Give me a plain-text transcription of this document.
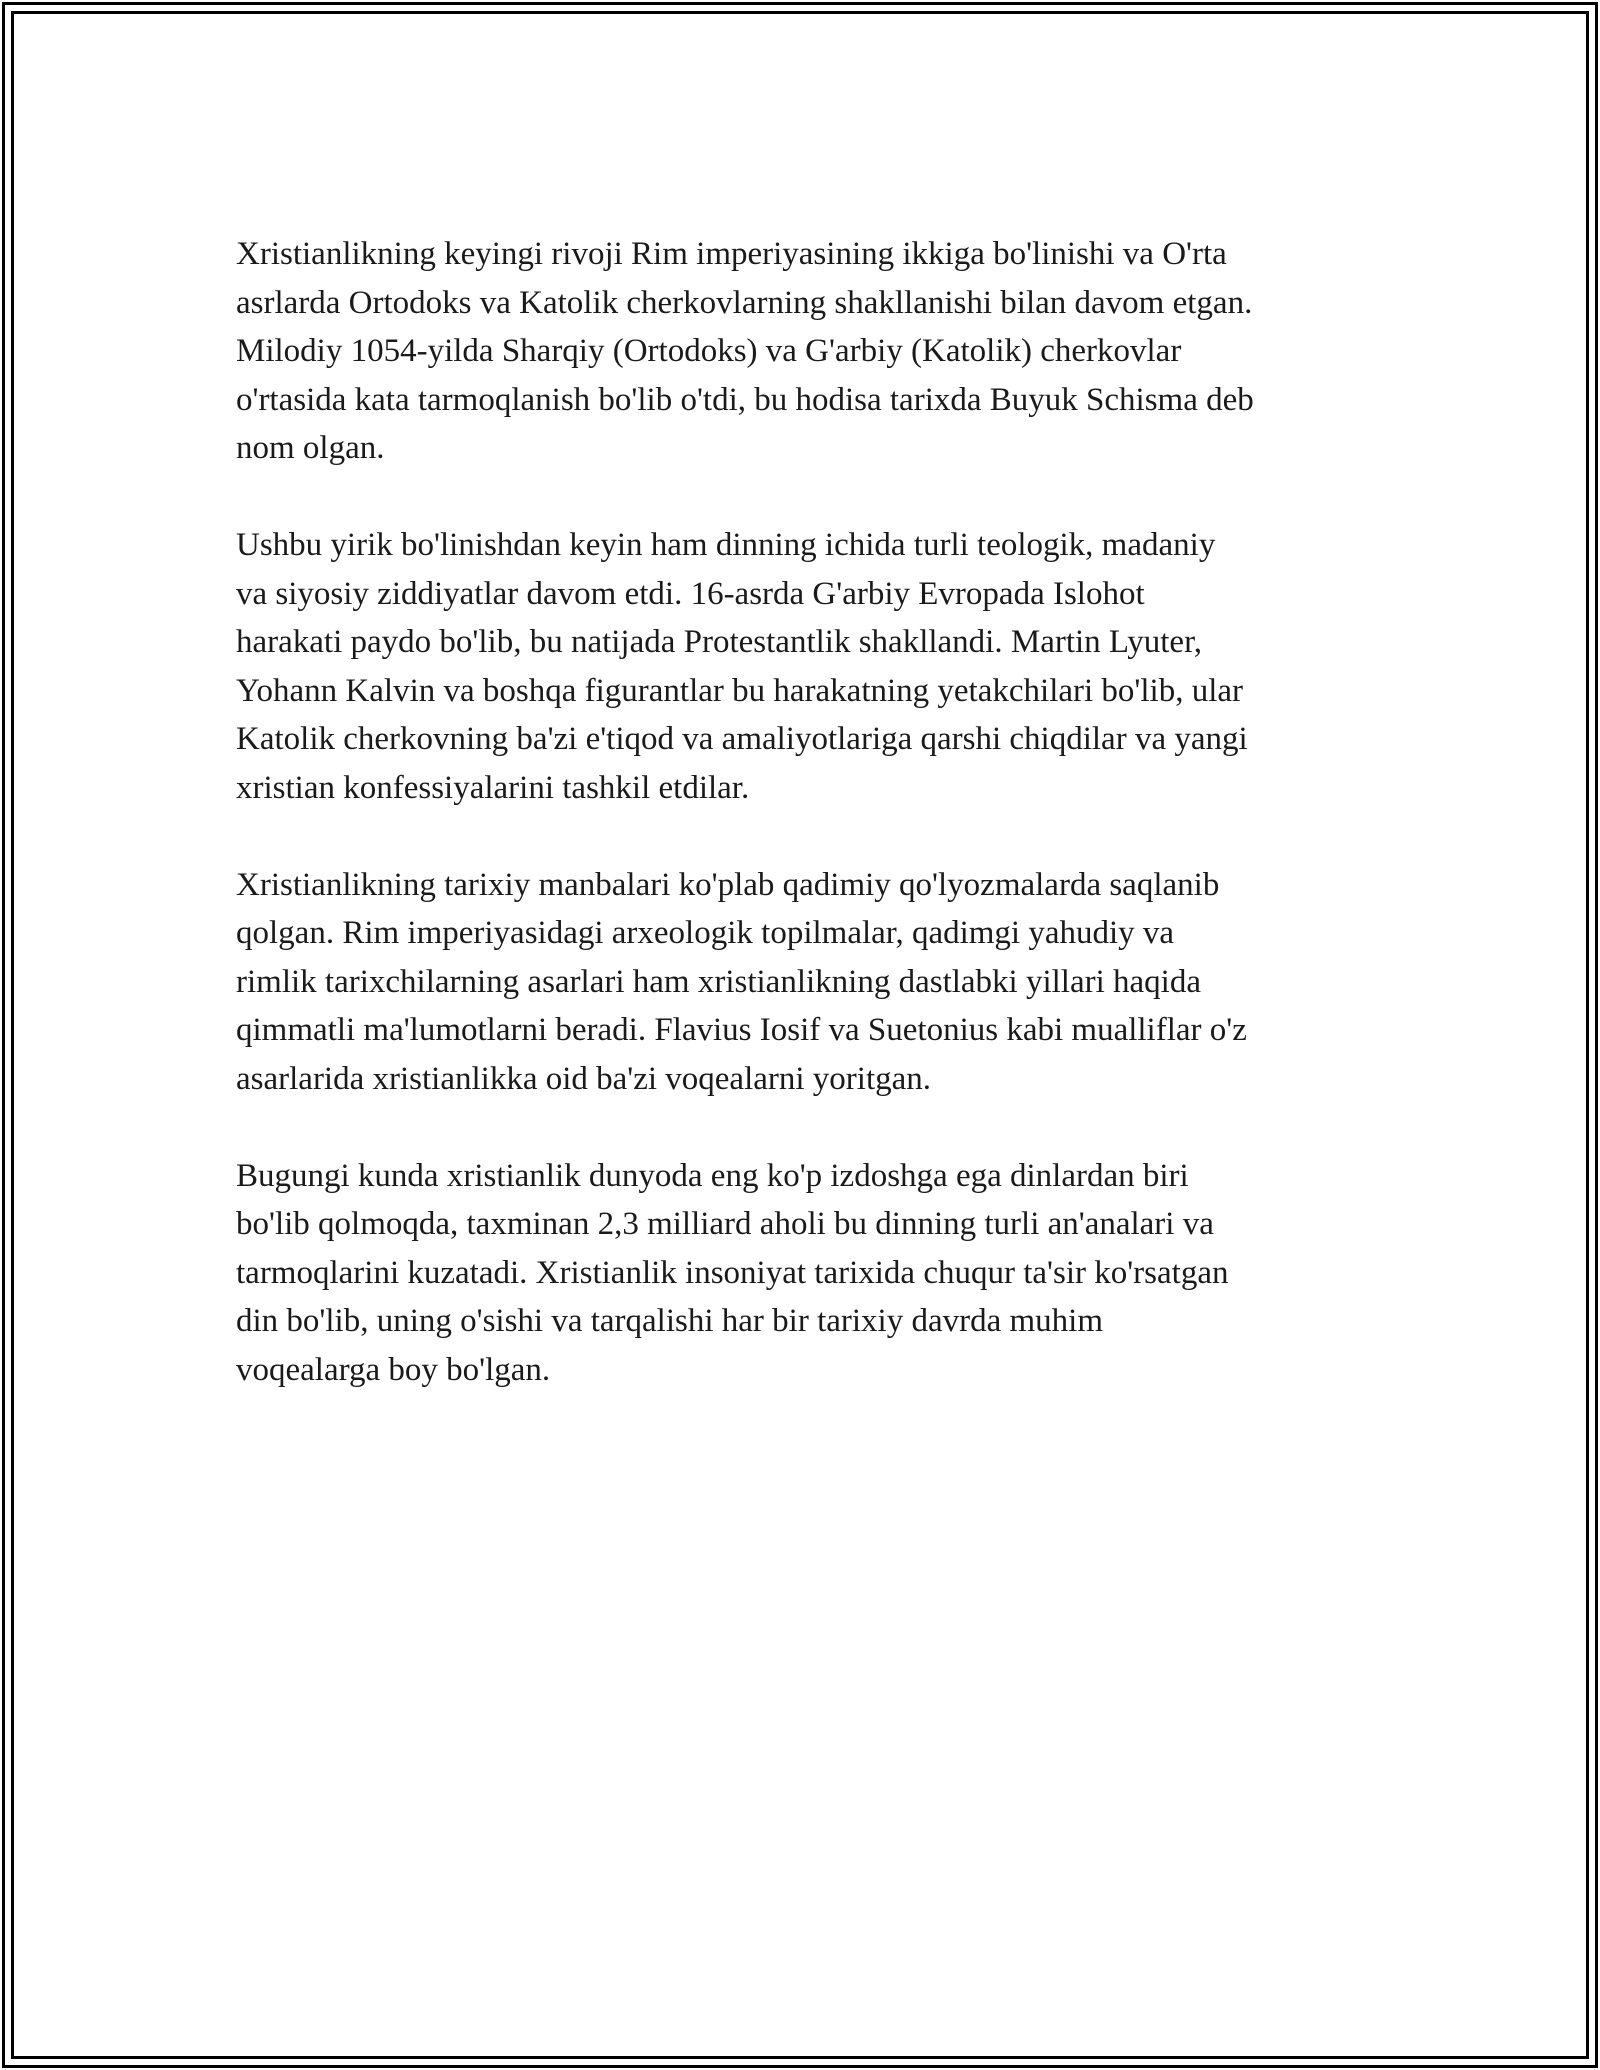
Xristianlikning keyingi rivoji Rim imperiyasining ikkiga bo'linishi va O'rta
asrlarda Ortodoks va Katolik cherkovlarning shakllanishi bilan davom etgan.
Milodiy 1054-yilda Sharqiy (Ortodoks) va G'arbiy (Katolik) cherkovlar
o'rtasida kata tarmoqlanish bo'lib o'tdi, bu hodisa tarixda Buyuk Schisma deb
nom olgan.

Ushbu yirik bo'linishdan keyin ham dinning ichida turli teologik, madaniy
va siyosiy ziddiyatlar davom etdi. 16-asrda G'arbiy Evropada Islohot
harakati paydo bo'lib, bu natijada Protestantlik shakllandi. Martin Lyuter,
Yohann Kalvin va boshqa figurantlar bu harakatning yetakchilari bo'lib, ular
Katolik cherkovning ba'zi e'tiqod va amaliyotlariga qarshi chiqdilar va yangi
xristian konfessiyalarini tashkil etdilar.

Xristianlikning tarixiy manbalari ko'plab qadimiy qo'lyozmalarda saqlanib
qolgan. Rim imperiyasidagi arxeologik topilmalar, qadimgi yahudiy va
rimlik tarixchilarning asarlari ham xristianlikning dastlabki yillari haqida
qimmatli ma'lumotlarni beradi. Flavius Iosif va Suetonius kabi mualliflar o'z
asarlarida xristianlikka oid ba'zi voqealarni yoritgan.

Bugungi kunda xristianlik dunyoda eng ko'p izdoshga ega dinlardan biri
bo'lib qolmoqda, taxminan 2,3 milliard aholi bu dinning turli an'analari va
tarmoqlarini kuzatadi. Xristianlik insoniyat tarixida chuqur ta'sir ko'rsatgan
din bo'lib, uning o'sishi va tarqalishi har bir tarixiy davrda muhim
voqealarga boy bo'lgan.
